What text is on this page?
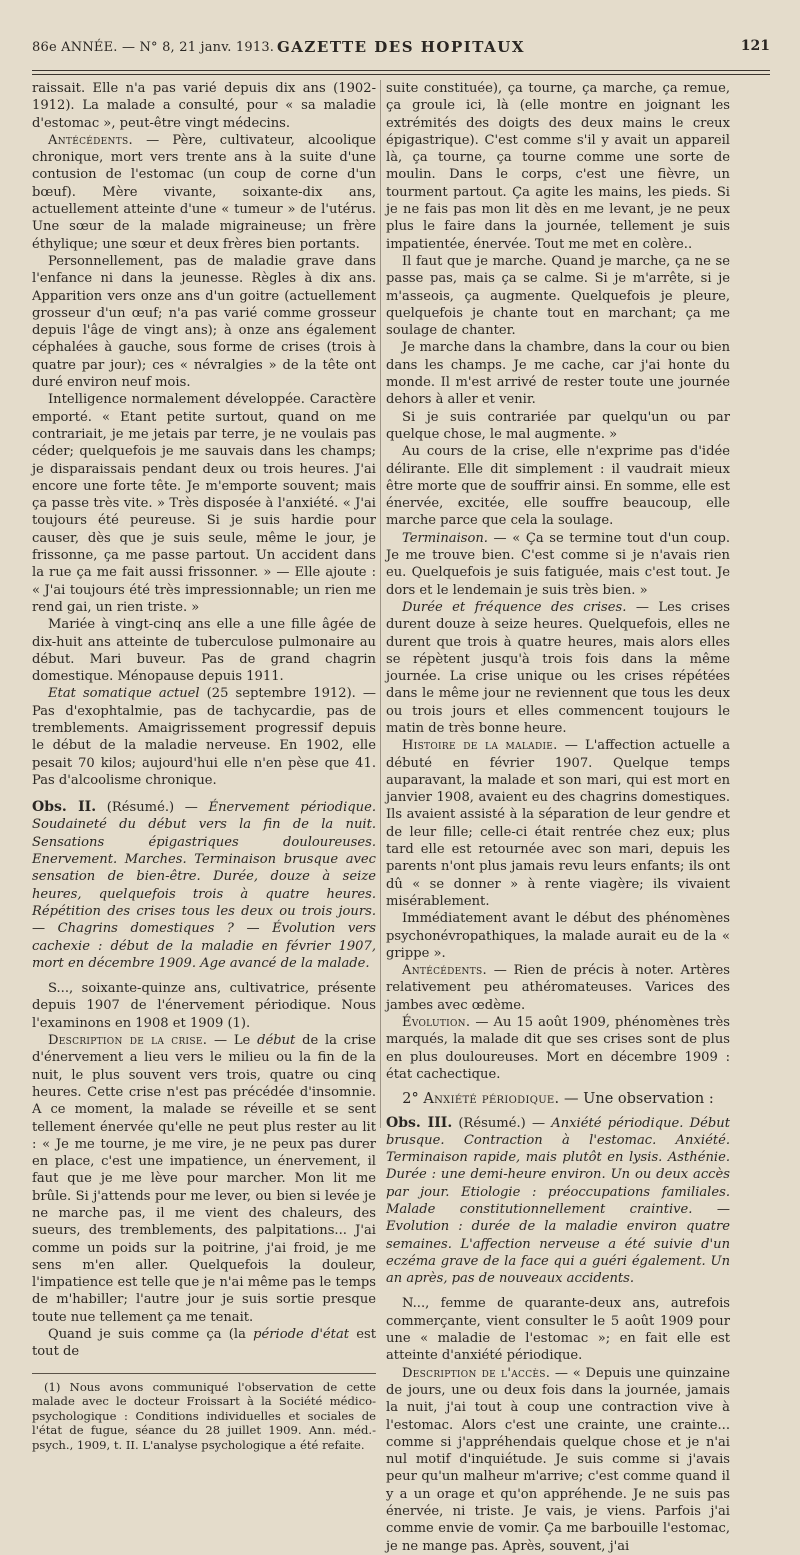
86e ANNÉE. — N° 8, 21 janv. 1913. GAZETTE DES HOPITAUX	121

raissait. Elle n'a pas varié depuis dix ans (1902-1912). La malade a consulté, pour « sa maladie d'estomac », peut-être vingt médecins.

Antécédents. — Père, cultivateur, alcoolique chronique, mort vers trente ans à la suite d'une contusion de l'estomac (un coup de corne d'un bœuf). Mère vivante, soixante-dix ans, actuellement atteinte d'une « tumeur » de l'utérus. Une sœur de la malade migraineuse; un frère éthylique; une sœur et deux frères bien portants.

Personnellement, pas de maladie grave dans l'enfance ni dans la jeunesse. Règles à dix ans. Apparition vers onze ans d'un goitre (actuellement grosseur d'un œuf; n'a pas varié comme grosseur depuis l'âge de vingt ans); à onze ans également céphalées à gauche, sous forme de crises (trois à quatre par jour); ces « névralgies » de la tête ont duré environ neuf mois.

Intelligence normalement développée. Caractère emporté. « Etant petite surtout, quand on me contrariait, je me jetais par terre, je ne voulais pas céder; quelquefois je me sauvais dans les champs; je disparaissais pendant deux ou trois heures. J'ai encore une forte tête. Je m'emporte souvent; mais ça passe très vite. » Très disposée à l'anxiété. « J'ai toujours été peureuse. Si je suis hardie pour causer, dès que je suis seule, même le jour, je frissonne, ça me passe partout. Un accident dans la rue ça me fait aussi frissonner. » — Elle ajoute : « J'ai toujours été très impressionnable; un rien me rend gai, un rien triste. »

Mariée à vingt-cinq ans elle a une fille âgée de dix-huit ans atteinte de tuberculose pulmonaire au début. Mari buveur. Pas de grand chagrin domestique. Ménopause depuis 1911.

Etat somatique actuel (25 septembre 1912). — Pas d'exophtalmie, pas de tachycardie, pas de tremblements. Amaigrissement progressif depuis le début de la maladie nerveuse. En 1902, elle pesait 70 kilos; aujourd'hui elle n'en pèse que 41. Pas d'alcoolisme chronique.

Obs. II. (Résumé.) — Énervement périodique. Soudaineté du début vers la fin de la nuit. Sensations épigastriques douloureuses. Enervement. Marches. Terminaison brusque avec sensation de bien-être. Durée, douze à seize heures, quelquefois trois à quatre heures. Répétition des crises tous les deux ou trois jours. — Chagrins domestiques ? — Évolution vers cachexie : début de la maladie en février 1907, mort en décembre 1909. Age avancé de la malade.

S..., soixante-quinze ans, cultivatrice, présente depuis 1907 de l'énervement périodique. Nous l'examinons en 1908 et 1909 (1).

Description de la crise. — Le début de la crise d'énervement a lieu vers le milieu ou la fin de la nuit, le plus souvent vers trois, quatre ou cinq heures. Cette crise n'est pas précédée d'insomnie. A ce moment, la malade se réveille et se sent tellement énervée qu'elle ne peut plus rester au lit : « Je me tourne, je me vire, je ne peux pas durer en place, c'est une impatience, un énervement, il faut que je me lève pour marcher. Mon lit me brûle. Si j'attends pour me lever, ou bien si levée je ne marche pas, il me vient des chaleurs, des sueurs, des tremblements, des palpitations... J'ai comme un poids sur la poitrine, j'ai froid, je me sens m'en aller. Quelquefois la douleur, l'impatience est telle que je n'ai même pas le temps de m'habiller; l'autre jour je suis sortie presque toute nue tellement ça me tenait.

Quand je suis comme ça (la période d'état est tout de

(1) Nous avons communiqué l'observation de cette malade avec le docteur Froissart à la Société médico-psychologique : Conditions individuelles et sociales de l'état de fugue, séance du 28 juillet 1909. Ann. méd.-psych., 1909, t. II. L'analyse psychologique a été refaite.

suite constituée), ça tourne, ça marche, ça remue, ça groule ici, là (elle montre en joignant les extrémités des doigts des deux mains le creux épigastrique). C'est comme s'il y avait un appareil là, ça tourne, ça tourne comme une sorte de moulin. Dans le corps, c'est une fièvre, un tourment partout. Ça agite les mains, les pieds. Si je ne fais pas mon lit dès en me levant, je ne peux plus le faire dans la journée, tellement je suis impatientée, énervée. Tout me met en colère..

Il faut que je marche. Quand je marche, ça ne se passe pas, mais ça se calme. Si je m'arrête, si je m'asseois, ça augmente. Quelquefois je pleure, quelquefois je chante tout en marchant; ça me soulage de chanter.

Je marche dans la chambre, dans la cour ou bien dans les champs. Je me cache, car j'ai honte du monde. Il m'est arrivé de rester toute une journée dehors à aller et venir.

Si je suis contrariée par quelqu'un ou par quelque chose, le mal augmente. »

Au cours de la crise, elle n'exprime pas d'idée délirante. Elle dit simplement : il vaudrait mieux être morte que de souffrir ainsi. En somme, elle est énervée, excitée, elle souffre beaucoup, elle marche parce que cela la soulage.

Terminaison. — « Ça se termine tout d'un coup. Je me trouve bien. C'est comme si je n'avais rien eu. Quelquefois je suis fatiguée, mais c'est tout. Je dors et le lendemain je suis très bien. »

Durée et fréquence des crises. — Les crises durent douze à seize heures. Quelquefois, elles ne durent que trois à quatre heures, mais alors elles se répètent jusqu'à trois fois dans la même journée. La crise unique ou les crises répétées dans le même jour ne reviennent que tous les deux ou trois jours et elles commencent toujours le matin de très bonne heure.

Histoire de la maladie. — L'affection actuelle a débuté en février 1907. Quelque temps auparavant, la malade et son mari, qui est mort en janvier 1908, avaient eu des chagrins domestiques. Ils avaient assisté à la séparation de leur gendre et de leur fille; celle-ci était rentrée chez eux; plus tard elle est retournée avec son mari, depuis les parents n'ont plus jamais revu leurs enfants; ils ont dû « se donner » à rente viagère; ils vivaient misérablement.

Immédiatement avant le début des phénomènes psychonévropathiques, la malade aurait eu de la « grippe ».

Antécédents. — Rien de précis à noter. Artères relativement peu athéromateuses. Varices des jambes avec œdème.

Évolution. — Au 15 août 1909, phénomènes très marqués, la malade dit que ses crises sont de plus en plus douloureuses. Mort en décembre 1909 : état cachectique.

2° Anxiété périodique. — Une observation :

Obs. III. (Résumé.) — Anxiété périodique. Début brusque. Contraction à l'estomac. Anxiété. Terminaison rapide, mais plutôt en lysis. Asthénie. Durée : une demi-heure environ. Un ou deux accès par jour. Etiologie : préoccupations familiales. Malade constitutionnellement craintive. — Evolution : durée de la maladie environ quatre semaines. L'affection nerveuse a été suivie d'un eczéma grave de la face qui a guéri également. Un an après, pas de nouveaux accidents.

N..., femme de quarante-deux ans, autrefois commerçante, vient consulter le 5 août 1909 pour une « maladie de l'estomac »; en fait elle est atteinte d'anxiété périodique.

Description de l'accès. — « Depuis une quinzaine de jours, une ou deux fois dans la journée, jamais la nuit, j'ai tout à coup une contraction vive à l'estomac. Alors c'est une crainte, une crainte... comme si j'appréhendais quelque chose et je n'ai nul motif d'inquiétude. Je suis comme si j'avais peur qu'un malheur m'arrive; c'est comme quand il y a un orage et qu'on appréhende. Je ne suis pas énervée, ni triste. Je vais, je viens. Parfois j'ai comme envie de vomir. Ça me barbouille l'estomac, je ne mange pas. Après, souvent, j'ai
